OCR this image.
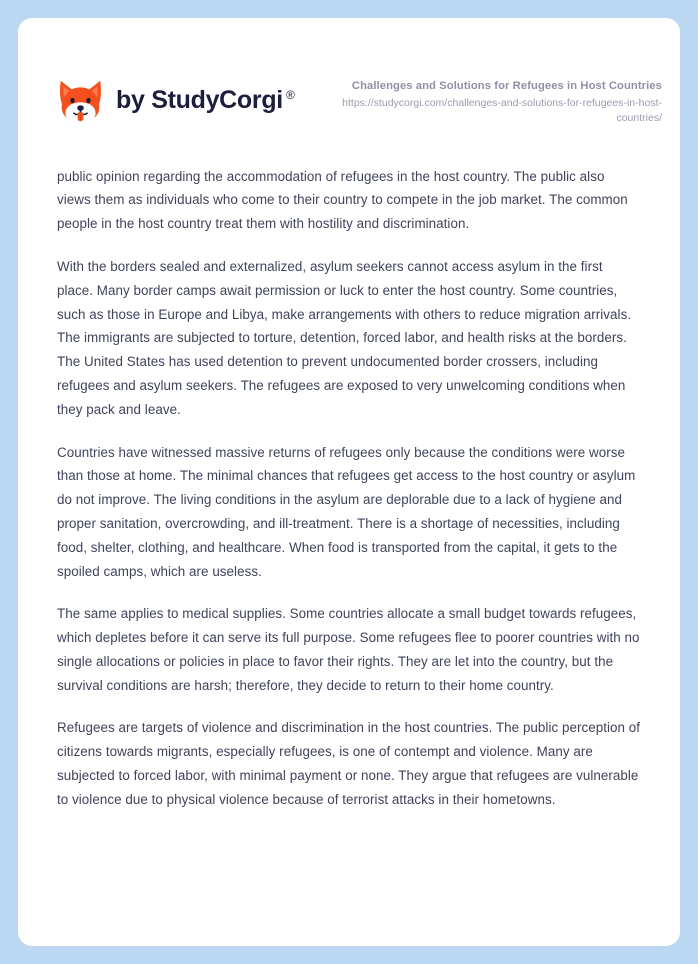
by StudyCorgi ®
Challenges and Solutions for Refugees in Host Countries
https://studycorgi.com/challenges-and-solutions-for-refugees-in-host-countries/

public opinion regarding the accommodation of refugees in the host country. The public also views them as individuals who come to their country to compete in the job market. The common people in the host country treat them with hostility and discrimination.

With the borders sealed and externalized, asylum seekers cannot access asylum in the first place. Many border camps await permission or luck to enter the host country. Some countries, such as those in Europe and Libya, make arrangements with others to reduce migration arrivals. The immigrants are subjected to torture, detention, forced labor, and health risks at the borders. The United States has used detention to prevent undocumented border crossers, including refugees and asylum seekers. The refugees are exposed to very unwelcoming conditions when they pack and leave.

Countries have witnessed massive returns of refugees only because the conditions were worse than those at home. The minimal chances that refugees get access to the host country or asylum do not improve. The living conditions in the asylum are deplorable due to a lack of hygiene and proper sanitation, overcrowding, and ill-treatment. There is a shortage of necessities, including food, shelter, clothing, and healthcare. When food is transported from the capital, it gets to the spoiled camps, which are useless.

The same applies to medical supplies. Some countries allocate a small budget towards refugees, which depletes before it can serve its full purpose. Some refugees flee to poorer countries with no single allocations or policies in place to favor their rights. They are let into the country, but the survival conditions are harsh; therefore, they decide to return to their home country.

Refugees are targets of violence and discrimination in the host countries. The public perception of citizens towards migrants, especially refugees, is one of contempt and violence. Many are subjected to forced labor, with minimal payment or none. They argue that refugees are vulnerable to violence due to physical violence because of terrorist attacks in their hometowns.
